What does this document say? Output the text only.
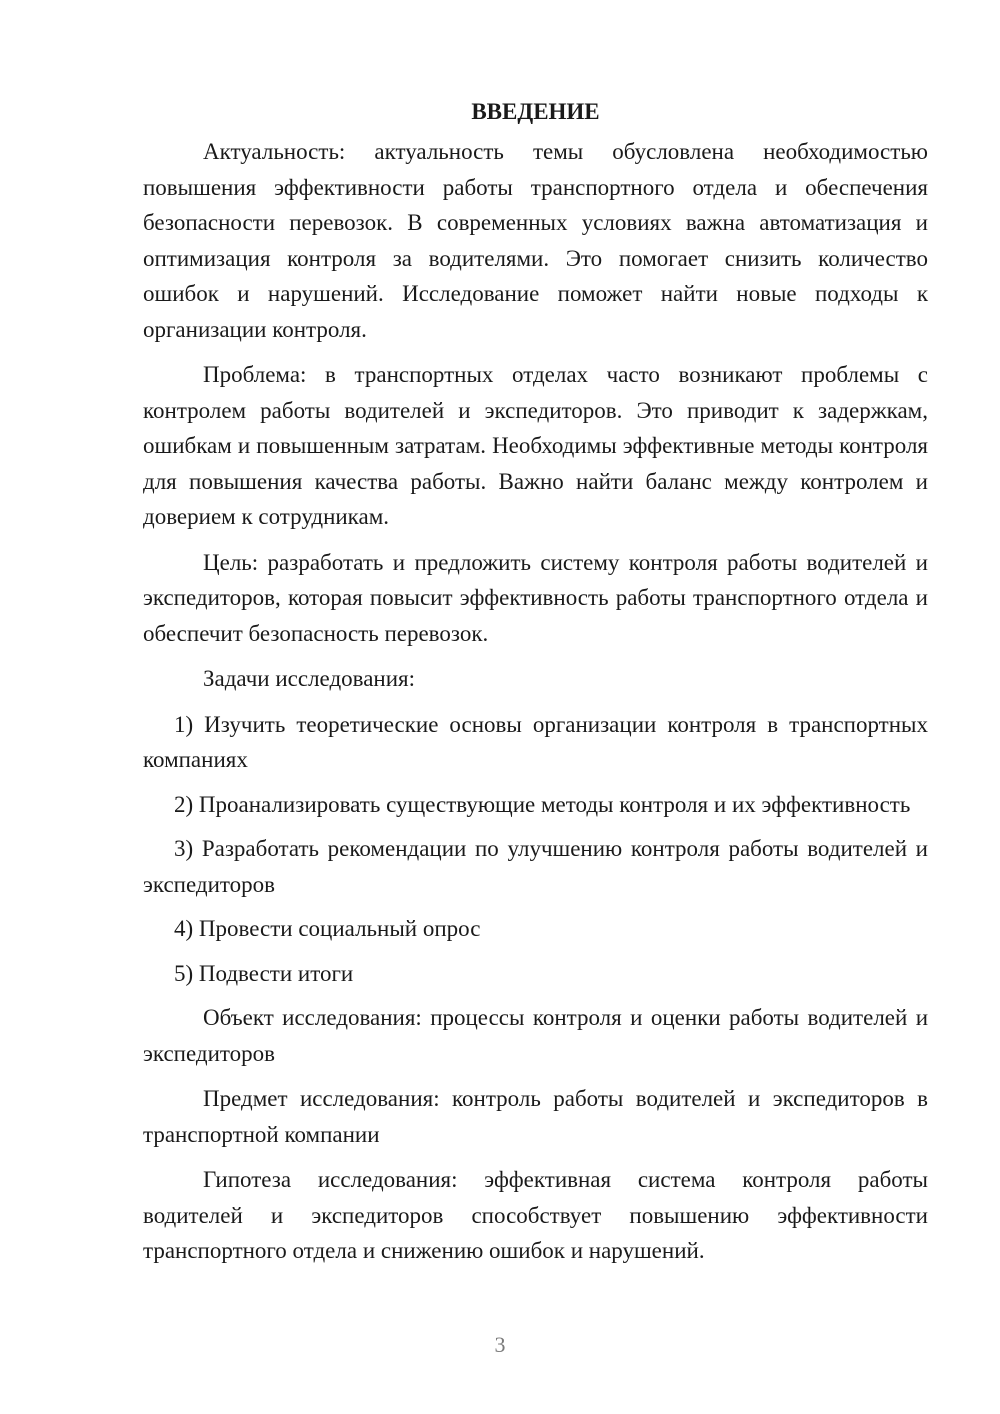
ВВЕДЕНИЕ

Актуальность: актуальность темы обусловлена необходимостью повышения эффективности работы транспортного отдела и обеспечения безопасности перевозок. В современных условиях важна автоматизация и оптимизация контроля за водителями. Это помогает снизить количество ошибок и нарушений. Исследование поможет найти новые подходы к организации контроля.

Проблема: в транспортных отделах часто возникают проблемы с контролем работы водителей и экспедиторов. Это приводит к задержкам, ошибкам и повышенным затратам. Необходимы эффективные методы контроля для повышения качества работы. Важно найти баланс между контролем и доверием к сотрудникам.

Цель: разработать и предложить систему контроля работы водителей и экспедиторов, которая повысит эффективность работы транспортного отдела и обеспечит безопасность перевозок.

Задачи исследования:

1) Изучить теоретические основы организации контроля в транспортных компаниях

2) Проанализировать существующие методы контроля и их эффективность

3) Разработать рекомендации по улучшению контроля работы водителей и экспедиторов

4) Провести социальный опрос

5) Подвести итоги

Объект исследования: процессы контроля и оценки работы водителей и экспедиторов

Предмет исследования: контроль работы водителей и экспедиторов в транспортной компании

Гипотеза исследования: эффективная система контроля работы водителей и экспедиторов способствует повышению эффективности транспортного отдела и снижению ошибок и нарушений.

3
